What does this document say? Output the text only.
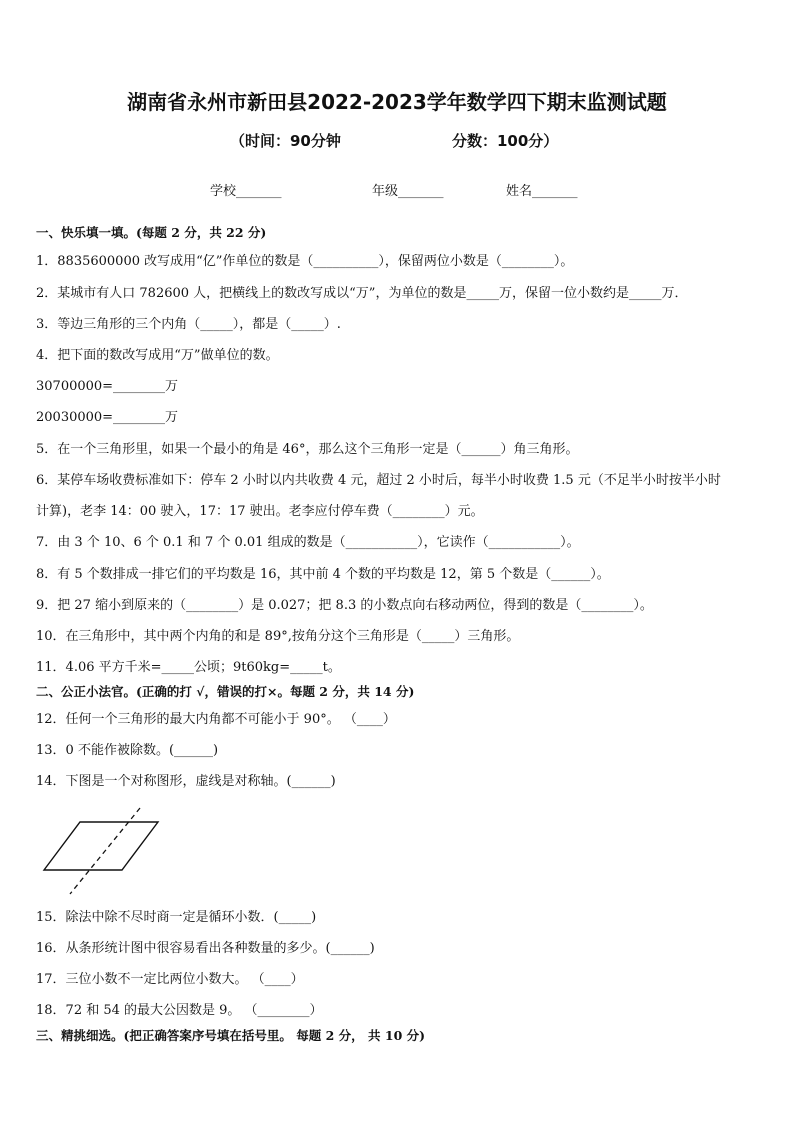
湖南省永州市新田县2022-2023学年数学四下期末监测试题
（时间：90分钟	分数：100分）
学校_______	年级_______	姓名_______
一、快乐填一填。(每题 2 分，共 22 分)
1．8835600000 改写成用“亿”作单位的数是（__________），保留两位小数是（________）。
2．某城市有人口 782600 人，把横线上的数改写成以“万”，为单位的数是_____万，保留一位小数约是_____万．
3．等边三角形的三个内角（_____），都是（_____）.
4．把下面的数改写成用“万”做单位的数。
30700000=________万
20030000=________万
5．在一个三角形里，如果一个最小的角是 46°，那么这个三角形一定是（______）角三角形。
6．某停车场收费标准如下：停车 2 小时以内共收费 4 元，超过 2 小时后，每半小时收费 1.5 元（不足半小时按半小时
计算)，老李 14：00 驶入，17：17 驶出。老李应付停车费（________）元。
7．由 3 个 10、6 个 0.1 和 7 个 0.01 组成的数是（___________），它读作（___________）。
8．有 5 个数排成一排它们的平均数是 16，其中前 4 个数的平均数是 12，第 5 个数是（______）。
9．把 27 缩小到原来的（________）是 0.027；把 8.3 的小数点向右移动两位，得到的数是（________）。
10．在三角形中，其中两个内角的和是 89°,按角分这个三角形是（_____）三角形。
11．4.06 平方千米=_____公顷；9t60kg=_____t。
二、公正小法官。(正确的打 √，错误的打×。每题 2 分，共 14 分)
12．任何一个三角形的最大内角都不可能小于 90°。 （____）
13．0 不能作被除数。(______)
14．下图是一个对称图形，虚线是对称轴。(______)
15．除法中除不尽时商一定是循环小数．(_____)
16．从条形统计图中很容易看出各种数量的多少。(______)
17．三位小数不一定比两位小数大。 （____）
18．72 和 54 的最大公因数是 9。 （________）
三、精挑细选。(把正确答案序号填在括号里。 每题 2 分， 共 10 分)
